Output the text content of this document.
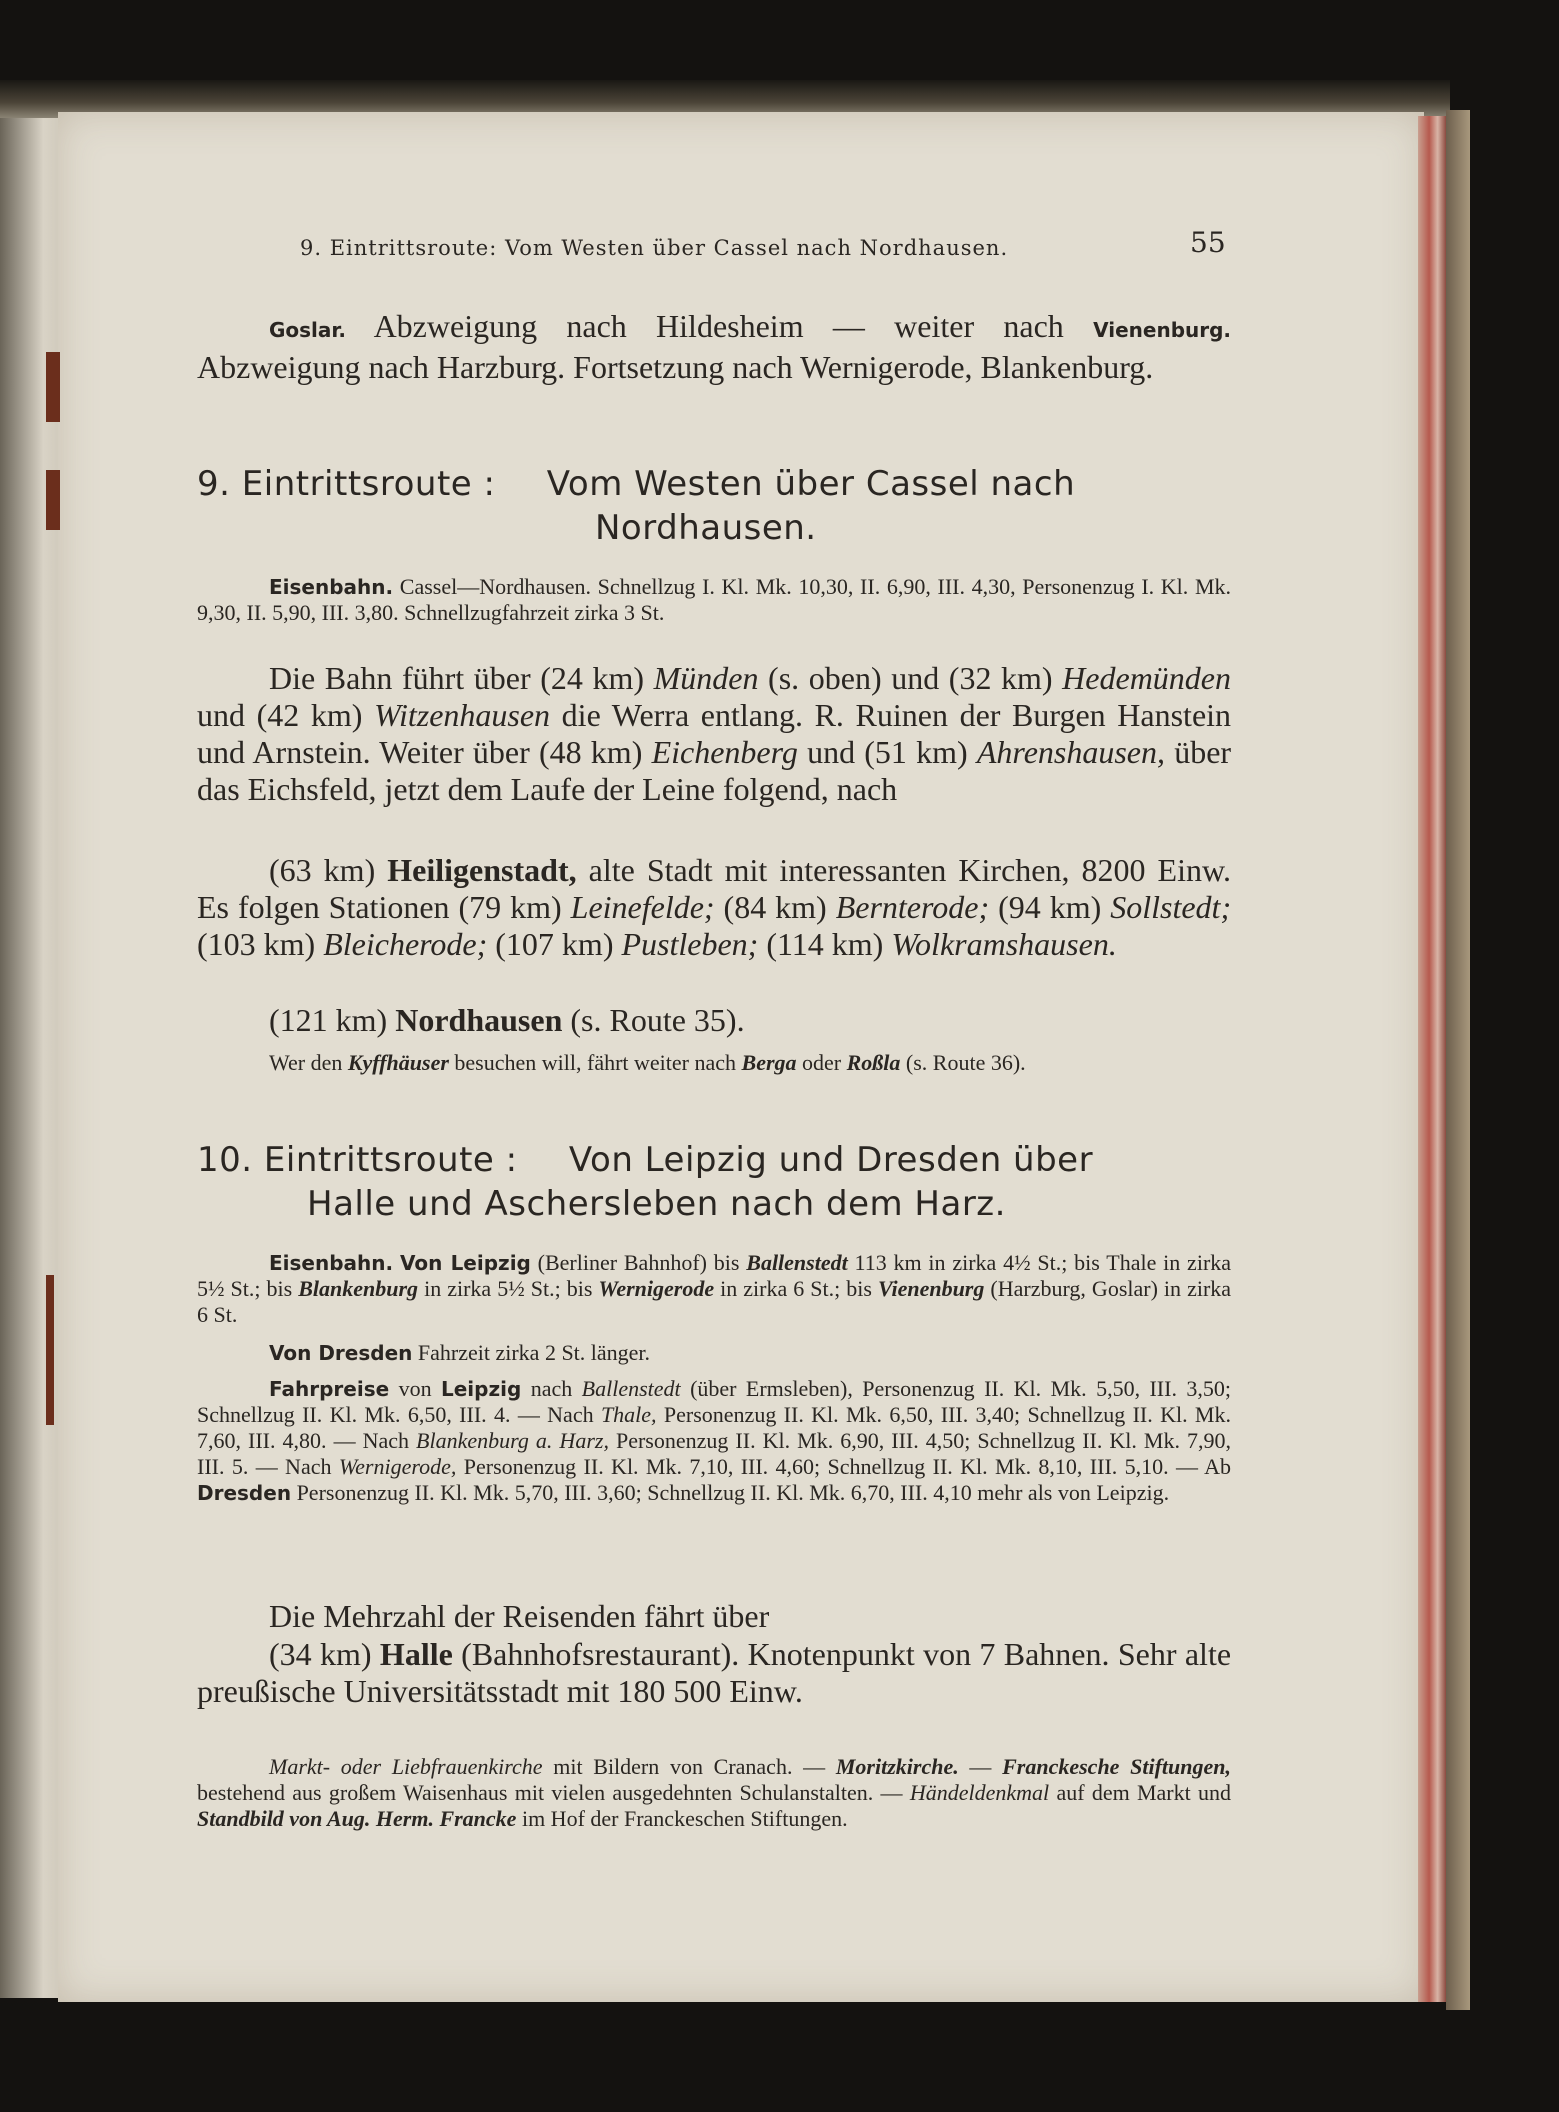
9. Eintrittsroute: Vom Westen über Cassel nach Nordhausen.	55
Goslar. Abzweigung nach Hildesheim — weiter nach Vienenburg. Abzweigung nach Harzburg. Fortsetzung nach Wernigerode, Blankenburg.
9. Eintrittsroute : Vom Westen über Cassel nach
Nordhausen.
Eisenbahn. Cassel—Nordhausen. Schnellzug I. Kl. Mk. 10,30, II. 6,90, III. 4,30, Personenzug I. Kl. Mk. 9,30, II. 5,90, III. 3,80. Schnellzugfahrzeit zirka 3 St.
Die Bahn führt über (24 km) Münden (s. oben) und (32 km) Hedemünden und (42 km) Witzenhausen die Werra entlang. R. Ruinen der Burgen Hanstein und Arnstein. Weiter über (48 km) Eichenberg und (51 km) Ahrenshausen, über das Eichsfeld, jetzt dem Laufe der Leine folgend, nach
(63 km) Heiligenstadt, alte Stadt mit interessanten Kirchen, 8200 Einw. Es folgen Stationen (79 km) Leinefelde; (84 km) Bernterode; (94 km) Sollstedt; (103 km) Bleicherode; (107 km) Pustleben; (114 km) Wolkramshausen.
(121 km) Nordhausen (s. Route 35).
Wer den Kyffhäuser besuchen will, fährt weiter nach Berga oder Roßla (s. Route 36).
10. Eintrittsroute : Von Leipzig und Dresden über
Halle und Aschersleben nach dem Harz.
Eisenbahn. Von Leipzig (Berliner Bahnhof) bis Ballenstedt 113 km in zirka 4½ St.; bis Thale in zirka 5½ St.; bis Blankenburg in zirka 5½ St.; bis Wernigerode in zirka 6 St.; bis Vienenburg (Harzburg, Goslar) in zirka 6 St.
Von Dresden Fahrzeit zirka 2 St. länger.
Fahrpreise von Leipzig nach Ballenstedt (über Ermsleben), Personenzug II. Kl. Mk. 5,50, III. 3,50; Schnellzug II. Kl. Mk. 6,50, III. 4. — Nach Thale, Personenzug II. Kl. Mk. 6,50, III. 3,40; Schnellzug II. Kl. Mk. 7,60, III. 4,80. — Nach Blankenburg a. Harz, Personenzug II. Kl. Mk. 6,90, III. 4,50; Schnellzug II. Kl. Mk. 7,90, III. 5. — Nach Wernigerode, Personenzug II. Kl. Mk. 7,10, III. 4,60; Schnellzug II. Kl. Mk. 8,10, III. 5,10. — Ab Dresden Personenzug II. Kl. Mk. 5,70, III. 3,60; Schnellzug II. Kl. Mk. 6,70, III. 4,10 mehr als von Leipzig.
Die Mehrzahl der Reisenden fährt über
(34 km) Halle (Bahnhofsrestaurant). Knotenpunkt von 7 Bahnen. Sehr alte preußische Universitätsstadt mit 180 500 Einw.
Markt- oder Liebfrauenkirche mit Bildern von Cranach. — Moritzkirche. — Franckesche Stiftungen, bestehend aus großem Waisenhaus mit vielen ausgedehnten Schulanstalten. — Händeldenkmal auf dem Markt und Standbild von Aug. Herm. Francke im Hof der Franckeschen Stiftungen.
